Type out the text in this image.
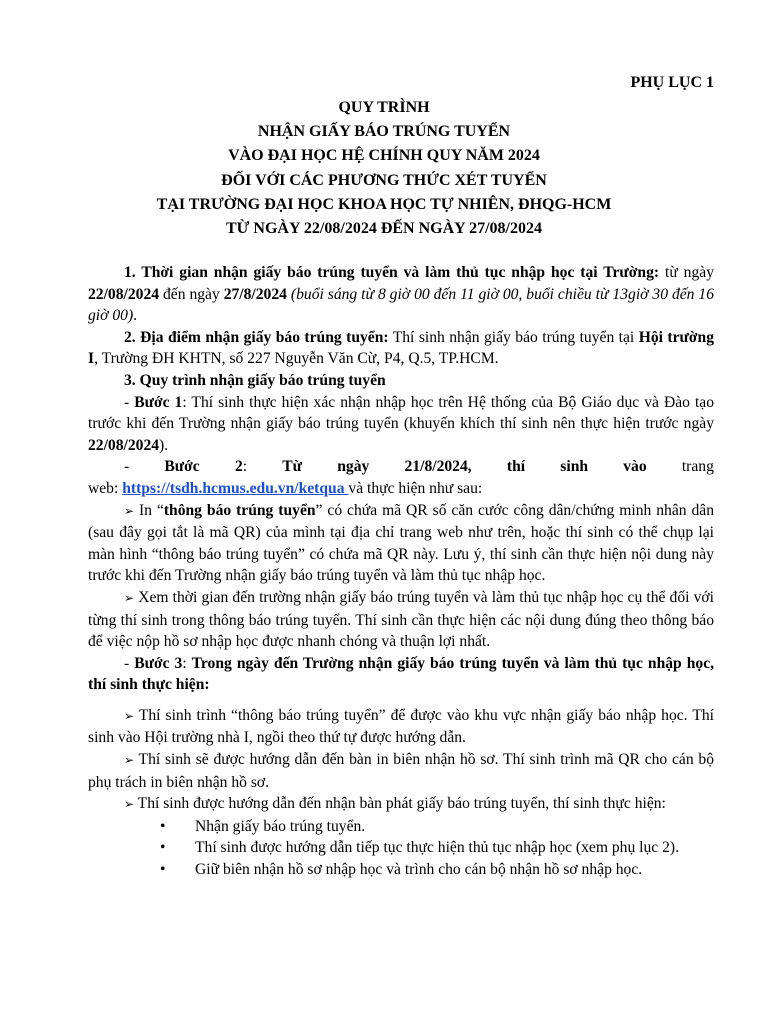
PHỤ LỤC 1
QUY TRÌNH
NHẬN GIẤY BÁO TRÚNG TUYỂN
VÀO ĐẠI HỌC HỆ CHÍNH QUY NĂM 2024
ĐỐI VỚI CÁC PHƯƠNG THỨC XÉT TUYỂN
TẠI TRƯỜNG ĐẠI HỌC KHOA HỌC TỰ NHIÊN, ĐHQG-HCM
TỪ NGÀY 22/08/2024 ĐẾN NGÀY 27/08/2024

1. Thời gian nhận giấy báo trúng tuyển và làm thủ tục nhập học tại Trường: từ ngày 22/08/2024 đến ngày 27/8/2024 (buổi sáng từ 8 giờ 00 đến 11 giờ 00, buổi chiều từ 13giờ 30 đến 16 giờ 00).

2. Địa điểm nhận giấy báo trúng tuyển: Thí sinh nhận giấy báo trúng tuyển tại Hội trường I, Trường ĐH KHTN, số 227 Nguyễn Văn Cừ, P4, Q.5, TP.HCM.

3. Quy trình nhận giấy báo trúng tuyển

- Bước 1: Thí sinh thực hiện xác nhận nhập học trên Hệ thống của Bộ Giáo dục và Đào tạo trước khi đến Trường nhận giấy báo trúng tuyển (khuyến khích thí sinh nên thực hiện trước ngày 22/08/2024).

- Bước 2: Từ ngày 21/8/2024, thí sinh vào trang

web: https://tsdh.hcmus.edu.vn/ketqua và thực hiện như sau:

➢ In “thông báo trúng tuyển” có chứa mã QR số căn cước công dân/chứng minh nhân dân (sau đây gọi tắt là mã QR) của mình tại địa chỉ trang web như trên, hoặc thí sinh có thể chụp lại màn hình “thông báo trúng tuyển” có chứa mã QR này. Lưu ý, thí sinh cần thực hiện nội dung này trước khi đến Trường nhận giấy báo trúng tuyển và làm thủ tục nhập học.

➢ Xem thời gian đến trường nhận giấy báo trúng tuyển và làm thủ tục nhập học cụ thể đối với từng thí sinh trong thông báo trúng tuyển. Thí sinh cần thực hiện các nội dung đúng theo thông báo để việc nộp hồ sơ nhập học được nhanh chóng và thuận lợi nhất.

- Bước 3: Trong ngày đến Trường nhận giấy báo trúng tuyển và làm thủ tục nhập học, thí sinh thực hiện:

➢ Thí sinh trình “thông báo trúng tuyển” để được vào khu vực nhận giấy báo nhập học. Thí sinh vào Hội trường nhà I, ngồi theo thứ tự được hướng dẫn.

➢ Thí sinh sẽ được hướng dẫn đến bàn in biên nhận hồ sơ. Thí sinh trình mã QR cho cán bộ phụ trách in biên nhận hồ sơ.

➢ Thí sinh được hướng dẫn đến nhận bàn phát giấy báo trúng tuyển, thí sinh thực hiện:

• Nhận giấy báo trúng tuyển.
• Thí sinh được hướng dẫn tiếp tục thực hiện thủ tục nhập học (xem phụ lục 2).
• Giữ biên nhận hồ sơ nhập học và trình cho cán bộ nhận hồ sơ nhập học.
